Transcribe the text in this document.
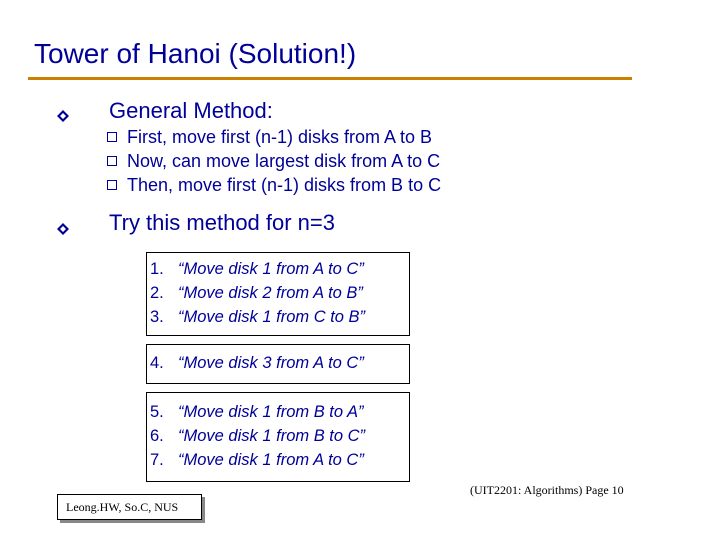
Tower of Hanoi (Solution!)
General Method:
First, move first (n-1) disks from A to B
Now, can move largest disk from A to C
Then, move first (n-1) disks from B to C
Try this method for n=3
1. “Move disk 1 from A to C”
2. “Move disk 2 from A to B”
3. “Move disk 1 from C to B”
4. “Move disk 3 from A to C”
5. “Move disk 1 from B to A”
6. “Move disk 1 from B to C”
7. “Move disk 1 from A to C”
(UIT2201: Algorithms) Page 10
Leong.HW, So.C, NUS
